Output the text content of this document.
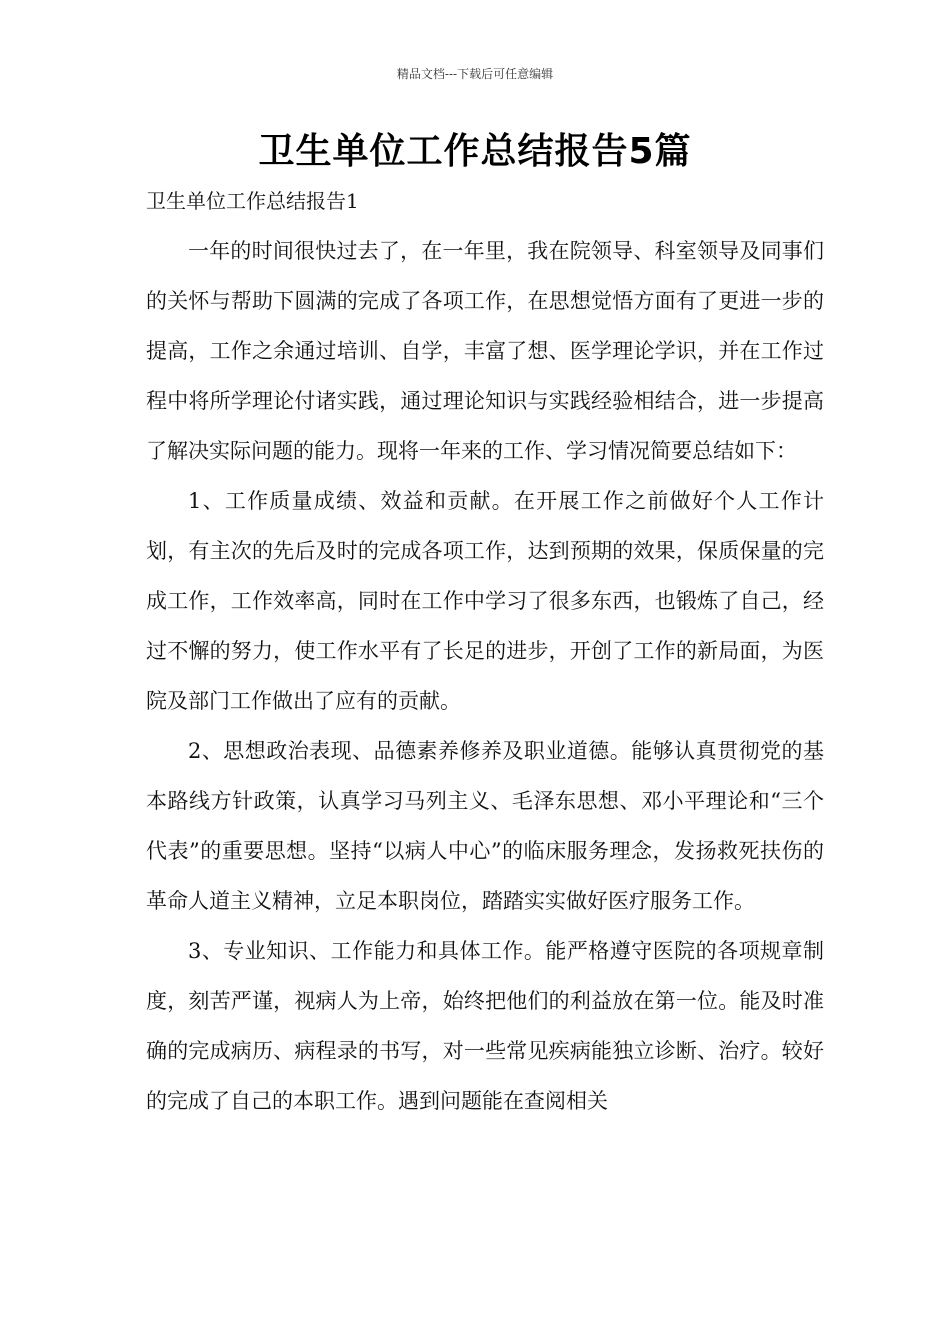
精品文档---下载后可任意编辑
卫生单位工作总结报告5篇
卫生单位工作总结报告1

一年的时间很快过去了，在一年里，我在院领导、科室领导及同事们的关怀与帮助下圆满的完成了各项工作，在思想觉悟方面有了更进一步的提高，工作之余通过培训、自学，丰富了想、医学理论学识，并在工作过程中将所学理论付诸实践，通过理论知识与实践经验相结合，进一步提高了解决实际问题的能力。现将一年来的工作、学习情况简要总结如下：

1、工作质量成绩、效益和贡献。在开展工作之前做好个人工作计划，有主次的先后及时的完成各项工作，达到预期的效果，保质保量的完成工作，工作效率高，同时在工作中学习了很多东西，也锻炼了自己，经过不懈的努力，使工作水平有了长足的进步，开创了工作的新局面，为医院及部门工作做出了应有的贡献。

2、思想政治表现、品德素养修养及职业道德。能够认真贯彻党的基本路线方针政策，认真学习马列主义、毛泽东思想、邓小平理论和“三个代表”的重要思想。坚持“以病人中心”的临床服务理念，发扬救死扶伤的革命人道主义精神，立足本职岗位，踏踏实实做好医疗服务工作。

3、专业知识、工作能力和具体工作。能严格遵守医院的各项规章制度，刻苦严谨，视病人为上帝，始终把他们的利益放在第一位。能及时准确的完成病历、病程录的书写，对一些常见疾病能独立诊断、治疗。较好的完成了自己的本职工作。遇到问题能在查阅相关
